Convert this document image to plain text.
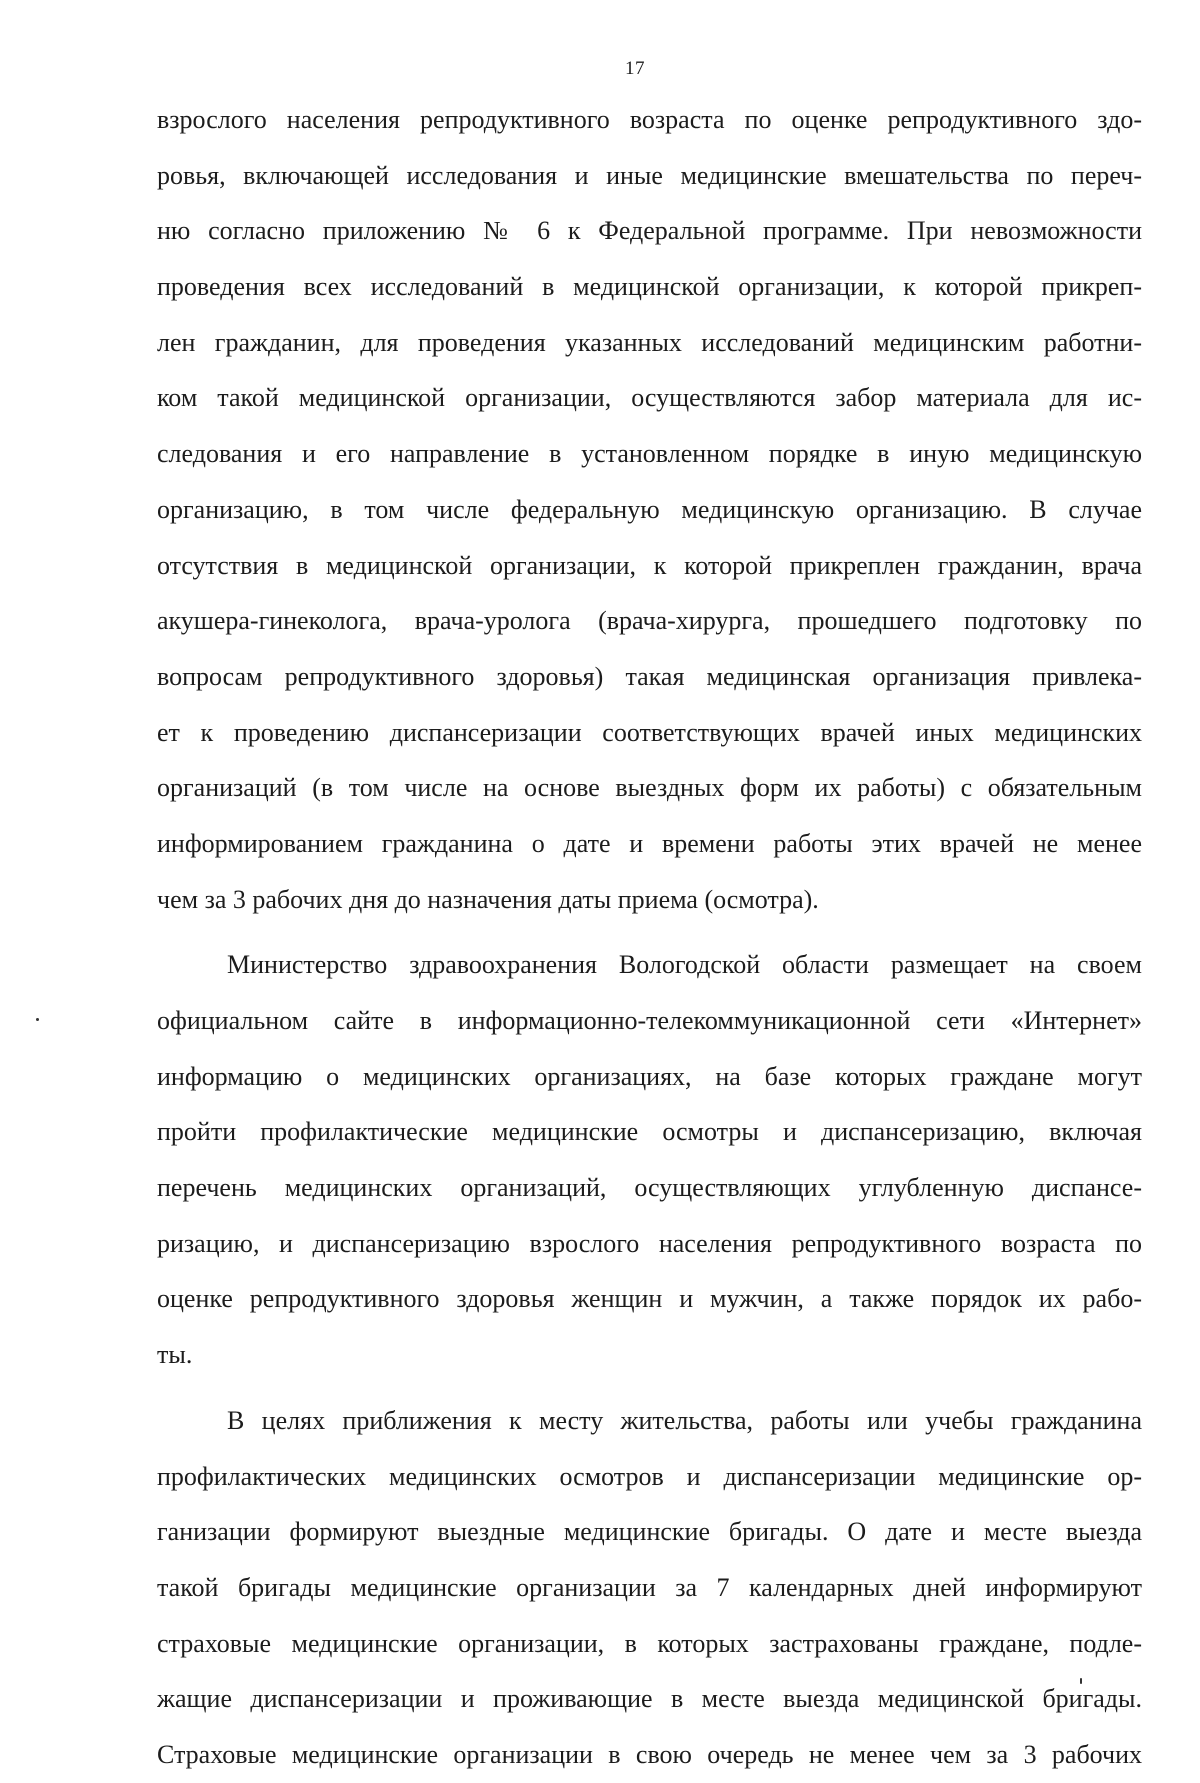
17
взрослого населения репродуктивного возраста по оценке репродуктивного здо-
ровья, включающей исследования и иные медицинские вмешательства по переч-
ню согласно приложению № 6 к Федеральной программе. При невозможности
проведения всех исследований в медицинской организации, к которой прикреп-
лен гражданин, для проведения указанных исследований медицинским работни-
ком такой медицинской организации, осуществляются забор материала для ис-
следования и его направление в установленном порядке в иную медицинскую
организацию, в том числе федеральную медицинскую организацию. В случае
отсутствия в медицинской организации, к которой прикреплен гражданин, врача
акушера-гинеколога, врача-уролога (врача-хирурга, прошедшего подготовку по
вопросам репродуктивного здоровья) такая медицинская организация привлека-
ет к проведению диспансеризации соответствующих врачей иных медицинских
организаций (в том числе на основе выездных форм их работы) с обязательным
информированием гражданина о дате и времени работы этих врачей не менее
чем за 3 рабочих дня до назначения даты приема (осмотра).
Министерство здравоохранения Вологодской области размещает на своем
официальном сайте в информационно-телекоммуникационной сети «Интернет»
информацию о медицинских организациях, на базе которых граждане могут
пройти профилактические медицинские осмотры и диспансеризацию, включая
перечень медицинских организаций, осуществляющих углубленную диспансе-
ризацию, и диспансеризацию взрослого населения репродуктивного возраста по
оценке репродуктивного здоровья женщин и мужчин, а также порядок их рабо-
ты.
В целях приближения к месту жительства, работы или учебы гражданина
профилактических медицинских осмотров и диспансеризации медицинские ор-
ганизации формируют выездные медицинские бригады. О дате и месте выезда
такой бригады медицинские организации за 7 календарных дней информируют
страховые медицинские организации, в которых застрахованы граждане, подле-
жащие диспансеризации и проживающие в месте выезда медицинской бригады.
Страховые медицинские организации в свою очередь не менее чем за 3 рабочих
